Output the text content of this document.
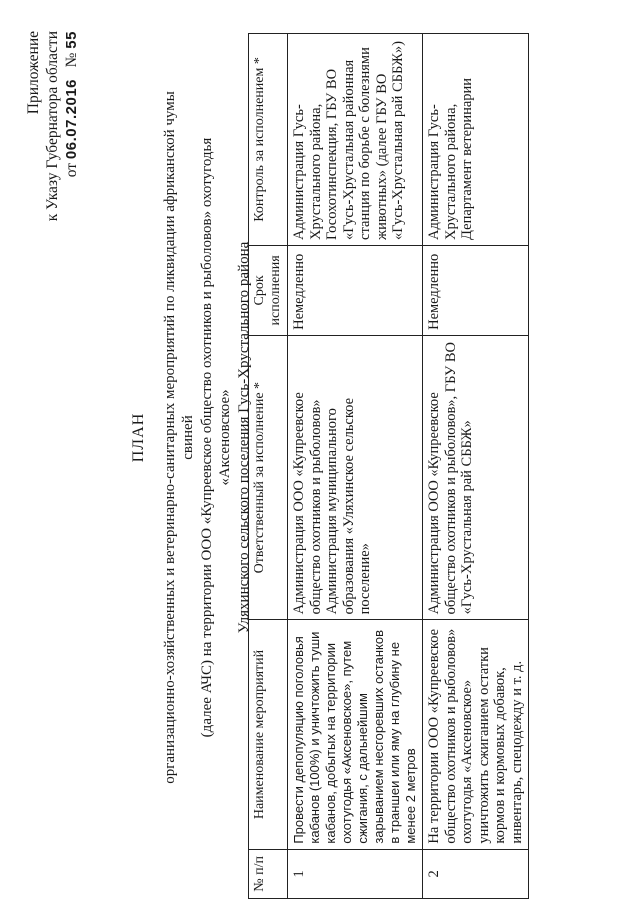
Приложение к Указу Губернатора области от 06.07.2016   № 55
ПЛАН организационно-хозяйственных и ветеринарно-санитарных мероприятий по ликвидации африканской чумы свиней (далее АЧС) на территории ООО «Купреевское общество охотников и рыболовов» охотугодья «Аксеновское» Уляхинского сельского поселения Гусь-Хрустального района
№ п/п	Наименование мероприятий	Ответственный за исполнение *	Срок исполнения	Контроль за исполнением *
1	Провести депопуляцию поголовья кабанов (100%) и уничтожить туши кабанов, добытых на территории охотугодья «Аксеновское», путем сжигания, с дальнейшим зарыванием несгоревших останков в траншеи или яму на глубину не менее 2 метров	Администрация ООО «Купреевское общество охотников и рыболовов»
Администрация муниципального образования «Уляхинское сельское поселение»	Немедленно	Администрация Гусь-Хрустального района, Госохотинспекция, ГБУ ВО «Гусь-Хрустальная районная станция по борьбе с болезнями животных» (далее ГБУ ВО «Гусь-Хрустальная рай СББЖ»)
2	На территории ООО «Купреевское общество охотников и рыболовов» охотугодья «Аксеновское» уничтожить сжиганием остатки кормов и кормовых добавок, инвентарь, спецодежду и т. д.	Администрация ООО «Купреевское общество охотников и рыболовов», ГБУ ВО «Гусь-Хрустальная рай СББЖ»	Немедленно	Администрация Гусь-Хрустального района, Департамент ветеринарии
